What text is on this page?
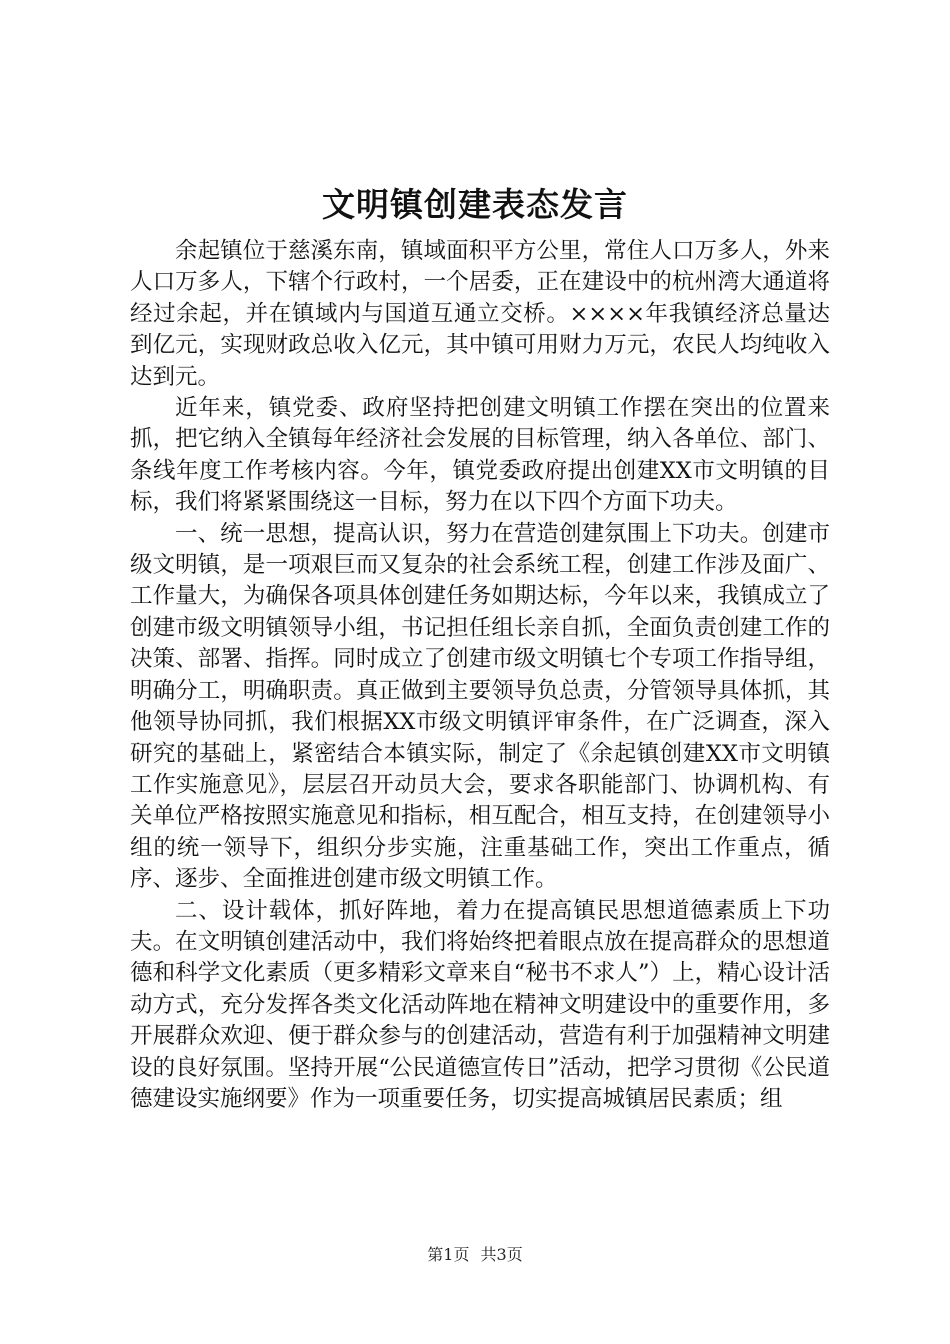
文明镇创建表态发言

余起镇位于慈溪东南，镇域面积平方公里，常住人口万多人，外来人口万多人，下辖个行政村，一个居委，正在建设中的杭州湾大通道将经过余起，并在镇域内与国道互通立交桥。××××年我镇经济总量达到亿元，实现财政总收入亿元，其中镇可用财力万元，农民人均纯收入达到元。

近年来，镇党委、政府坚持把创建文明镇工作摆在突出的位置来抓，把它纳入全镇每年经济社会发展的目标管理，纳入各单位、部门、条线年度工作考核内容。今年，镇党委政府提出创建XX市文明镇的目标，我们将紧紧围绕这一目标，努力在以下四个方面下功夫。

一、统一思想，提高认识，努力在营造创建氛围上下功夫。创建市级文明镇，是一项艰巨而又复杂的社会系统工程，创建工作涉及面广、工作量大，为确保各项具体创建任务如期达标，今年以来，我镇成立了创建市级文明镇领导小组，书记担任组长亲自抓，全面负责创建工作的决策、部署、指挥。同时成立了创建市级文明镇七个专项工作指导组，明确分工，明确职责。真正做到主要领导负总责，分管领导具体抓，其他领导协同抓，我们根据XX市级文明镇评审条件，在广泛调查，深入研究的基础上，紧密结合本镇实际，制定了《余起镇创建XX市文明镇工作实施意见》，层层召开动员大会，要求各职能部门、协调机构、有关单位严格按照实施意见和指标，相互配合，相互支持，在创建领导小组的统一领导下，组织分步实施，注重基础工作，突出工作重点，循序、逐步、全面推进创建市级文明镇工作。

二、设计载体，抓好阵地，着力在提高镇民思想道德素质上下功夫。在文明镇创建活动中，我们将始终把着眼点放在提高群众的思想道德和科学文化素质（更多精彩文章来自“秘书不求人”）上，精心设计活动方式，充分发挥各类文化活动阵地在精神文明建设中的重要作用，多开展群众欢迎、便于群众参与的创建活动，营造有利于加强精神文明建设的良好氛围。坚持开展“公民道德宣传日”活动，把学习贯彻《公民道德建设实施纲要》作为一项重要任务，切实提高城镇居民素质；组

第1页 共3页
